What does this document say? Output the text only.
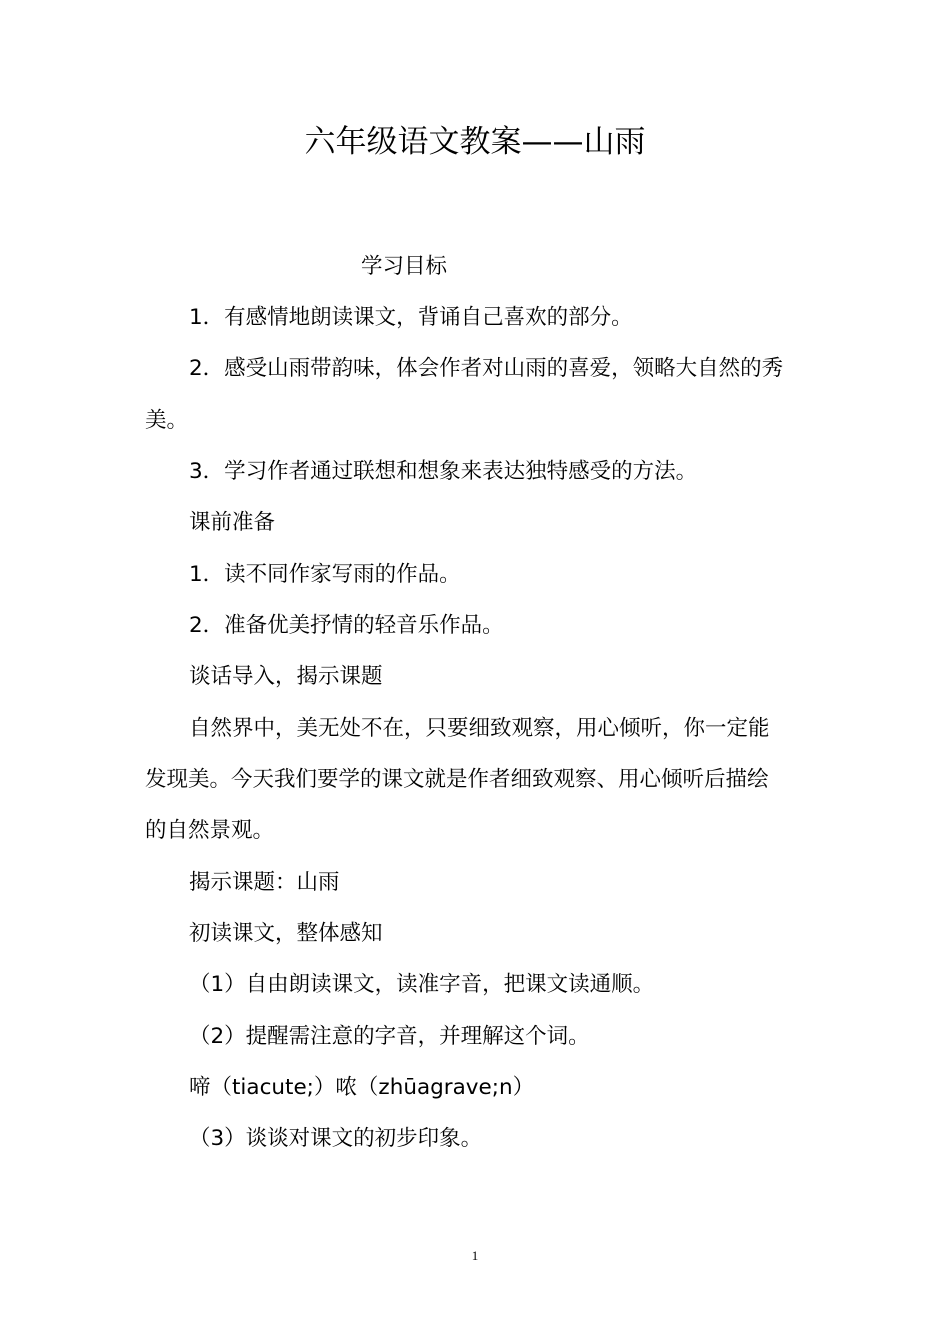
六年级语文教案——山雨
学习目标
1．有感情地朗读课文，背诵自己喜欢的部分。
2．感受山雨带韵味，体会作者对山雨的喜爱，领略大自然的秀
美。
3．学习作者通过联想和想象来表达独特感受的方法。
课前准备
1．读不同作家写雨的作品。
2．准备优美抒情的轻音乐作品。
谈话导入，揭示课题
自然界中，美无处不在，只要细致观察，用心倾听，你一定能
发现美。今天我们要学的课文就是作者细致观察、用心倾听后描绘
的自然景观。
揭示课题：山雨
初读课文，整体感知
（1）自由朗读课文，读准字音，把课文读通顺。
（2）提醒需注意的字音，并理解这个词。
啼（tiacute;）哝（zhūagrave;n）
（3）谈谈对课文的初步印象。
1
